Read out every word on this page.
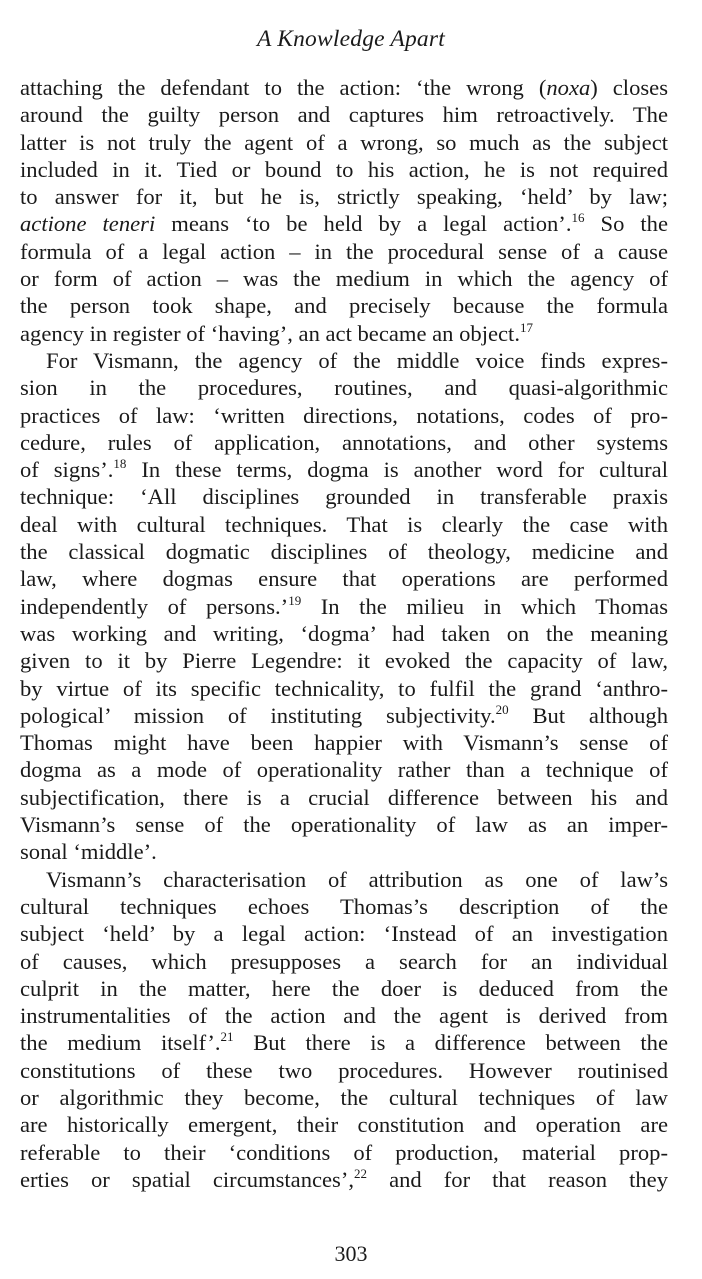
A Knowledge Apart
attaching the defendant to the action: ‘the wrong (noxa) closes
around the guilty person and captures him retroactively. The
latter is not truly the agent of a wrong, so much as the subject
included in it. Tied or bound to his action, he is not required
to answer for it, but he is, strictly speaking, ‘held’ by law;
actione teneri means ‘to be held by a legal action’.$^{16}$ So the
formula of a legal action – in the procedural sense of a cause
or form of action – was the medium in which the agency of
the person took shape, and precisely because the formula
agency in register of ‘having’, an act became an object.$^{17}$
For Vismann, the agency of the middle voice finds expres-
sion in the procedures, routines, and quasi-algorithmic
practices of law: ‘written directions, notations, codes of pro-
cedure, rules of application, annotations, and other systems
of signs’.$^{18}$ In these terms, dogma is another word for cultural
technique: ‘All disciplines grounded in transferable praxis
deal with cultural techniques. That is clearly the case with
the classical dogmatic disciplines of theology, medicine and
law, where dogmas ensure that operations are performed
independently of persons.’$^{19}$ In the milieu in which Thomas
was working and writing, ‘dogma’ had taken on the meaning
given to it by Pierre Legendre: it evoked the capacity of law,
by virtue of its specific technicality, to fulfil the grand ‘anthro-
pological’ mission of instituting subjectivity.$^{20}$ But although
Thomas might have been happier with Vismann’s sense of
dogma as a mode of operationality rather than a technique of
subjectification, there is a crucial difference between his and
Vismann’s sense of the operationality of law as an imper-
sonal ‘middle’.
Vismann’s characterisation of attribution as one of law’s
cultural techniques echoes Thomas’s description of the
subject ‘held’ by a legal action: ‘Instead of an investigation
of causes, which presupposes a search for an individual
culprit in the matter, here the doer is deduced from the
instrumentalities of the action and the agent is derived from
the medium itself’.$^{21}$ But there is a difference between the
constitutions of these two procedures. However routinised
or algorithmic they become, the cultural techniques of law
are historically emergent, their constitution and operation are
referable to their ‘conditions of production, material prop-
erties or spatial circumstances’,$^{22}$ and for that reason they
303
